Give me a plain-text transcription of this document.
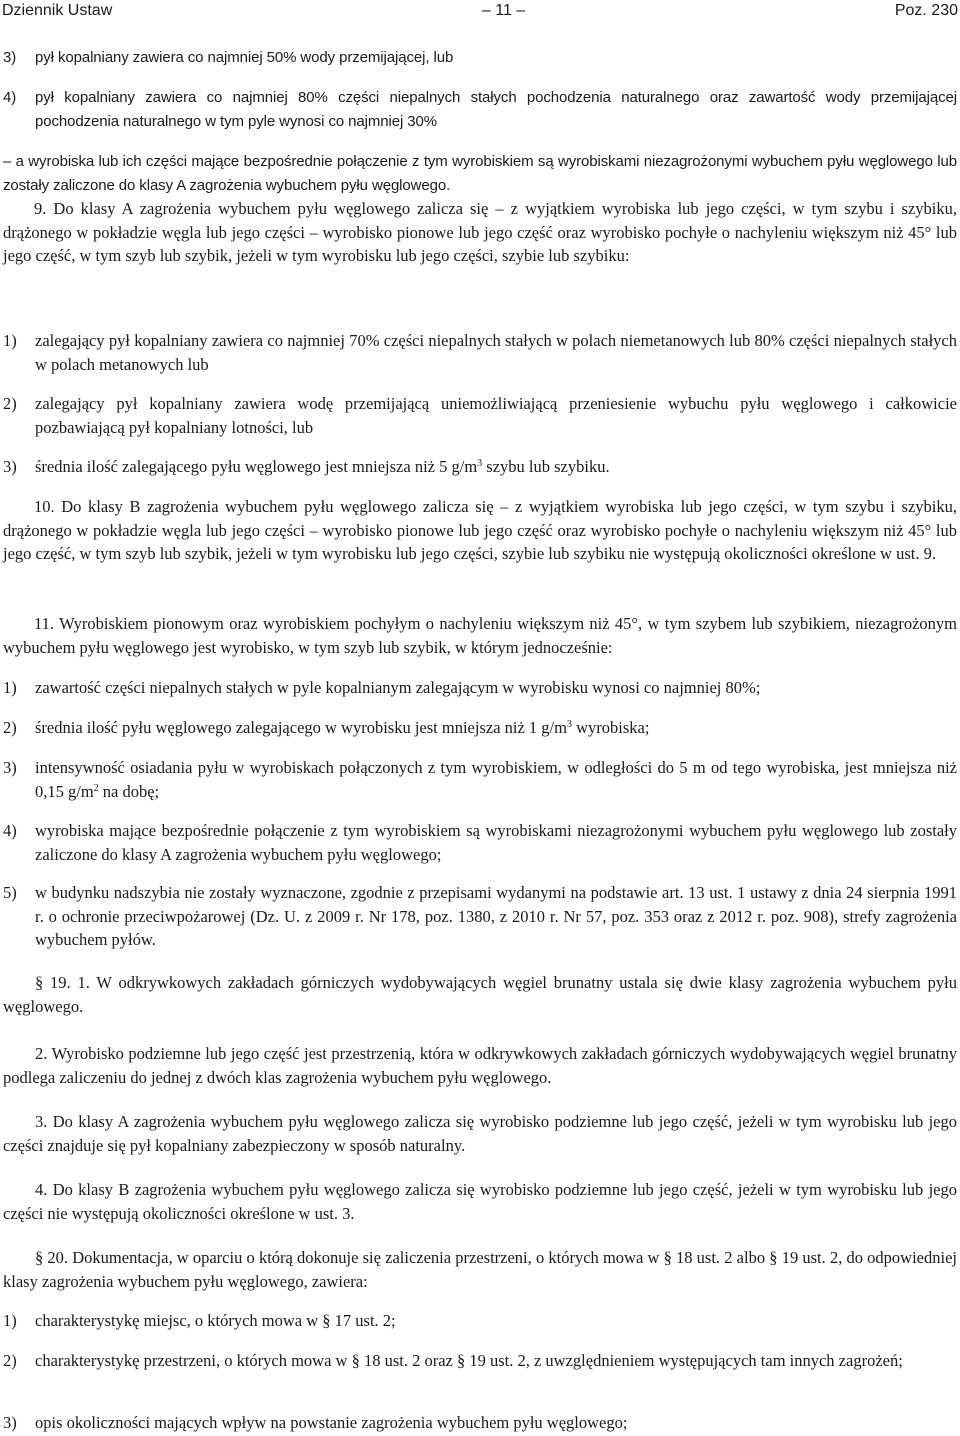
Dziennik Ustaw	– 11 –	Poz. 230
3)	pył kopalniany zawiera co najmniej 50% wody przemijającej, lub
4)	pył kopalniany zawiera co najmniej 80% części niepalnych stałych pochodzenia naturalnego oraz zawartość wody przemijającej pochodzenia naturalnego w tym pyle wynosi co najmniej 30%

– a wyrobiska lub ich części mające bezpośrednie połączenie z tym wyrobiskiem są wyrobiskami niezagrożonymi wybuchem pyłu węglowego lub zostały zaliczone do klasy A zagrożenia wybuchem pyłu węglowego.

9. Do klasy A zagrożenia wybuchem pyłu węglowego zalicza się – z wyjątkiem wyrobiska lub jego części, w tym szybu i szybiku, drążonego w pokładzie węgla lub jego części – wyrobisko pionowe lub jego część oraz wyrobisko pochyłe o nachyleniu większym niż 45° lub jego część, w tym szyb lub szybik, jeżeli w tym wyrobisku lub jego części, szybie lub szybiku:

1)	zalegający pył kopalniany zawiera co najmniej 70% części niepalnych stałych w polach niemetanowych lub 80% części niepalnych stałych w polach metanowych lub
2)	zalegający pył kopalniany zawiera wodę przemijającą uniemożliwiającą przeniesienie wybuchu pyłu węglowego i całkowicie pozbawiającą pył kopalniany lotności, lub
3)	średnia ilość zalegającego pyłu węglowego jest mniejsza niż 5 $g/m^3$ szybu lub szybiku.

10. Do klasy B zagrożenia wybuchem pyłu węglowego zalicza się – z wyjątkiem wyrobiska lub jego części, w tym szybu i szybiku, drążonego w pokładzie węgla lub jego części – wyrobisko pionowe lub jego część oraz wyrobisko pochyłe o nachyleniu większym niż 45° lub jego część, w tym szyb lub szybik, jeżeli w tym wyrobisku lub jego części, szybie lub szybiku nie występują okoliczności określone w ust. 9.

11. Wyrobiskiem pionowym oraz wyrobiskiem pochyłym o nachyleniu większym niż 45°, w tym szybem lub szybikiem, niezagrożonym wybuchem pyłu węglowego jest wyrobisko, w tym szyb lub szybik, w którym jednocześnie:

1)	zawartość części niepalnych stałych w pyle kopalnianym zalegającym w wyrobisku wynosi co najmniej 80%;
2)	średnia ilość pyłu węglowego zalegającego w wyrobisku jest mniejsza niż 1 $g/m^3$ wyrobiska;
3)	intensywność osiadania pyłu w wyrobiskach połączonych z tym wyrobiskiem, w odległości do 5 m od tego wyrobiska, jest mniejsza niż 0,15 $g/m^2$ na dobę;
4)	wyrobiska mające bezpośrednie połączenie z tym wyrobiskiem są wyrobiskami niezagrożonymi wybuchem pyłu węglowego lub zostały zaliczone do klasy A zagrożenia wybuchem pyłu węglowego;
5)	w budynku nadszybia nie zostały wyznaczone, zgodnie z przepisami wydanymi na podstawie art. 13 ust. 1 ustawy z dnia 24 sierpnia 1991 r. o ochronie przeciwpożarowej (Dz. U. z 2009 r. Nr 178, poz. 1380, z 2010 r. Nr 57, poz. 353 oraz z 2012 r. poz. 908), strefy zagrożenia wybuchem pyłów.

§ 19. 1. W odkrywkowych zakładach górniczych wydobywających węgiel brunatny ustala się dwie klasy zagrożenia wybuchem pyłu węglowego.

2. Wyrobisko podziemne lub jego część jest przestrzenią, która w odkrywkowych zakładach górniczych wydobywających węgiel brunatny podlega zaliczeniu do jednej z dwóch klas zagrożenia wybuchem pyłu węglowego.

3. Do klasy A zagrożenia wybuchem pyłu węglowego zalicza się wyrobisko podziemne lub jego część, jeżeli w tym wyrobisku lub jego części znajduje się pył kopalniany zabezpieczony w sposób naturalny.

4. Do klasy B zagrożenia wybuchem pyłu węglowego zalicza się wyrobisko podziemne lub jego część, jeżeli w tym wyrobisku lub jego części nie występują okoliczności określone w ust. 3.

§ 20. Dokumentacja, w oparciu o którą dokonuje się zaliczenia przestrzeni, o których mowa w § 18 ust. 2 albo § 19 ust. 2, do odpowiedniej klasy zagrożenia wybuchem pyłu węglowego, zawiera:

1)	charakterystykę miejsc, o których mowa w § 17 ust. 2;
2)	charakterystykę przestrzeni, o których mowa w § 18 ust. 2 oraz § 19 ust. 2, z uwzględnieniem występujących tam innych zagrożeń;
3)	opis okoliczności mających wpływ na powstanie zagrożenia wybuchem pyłu węglowego;
